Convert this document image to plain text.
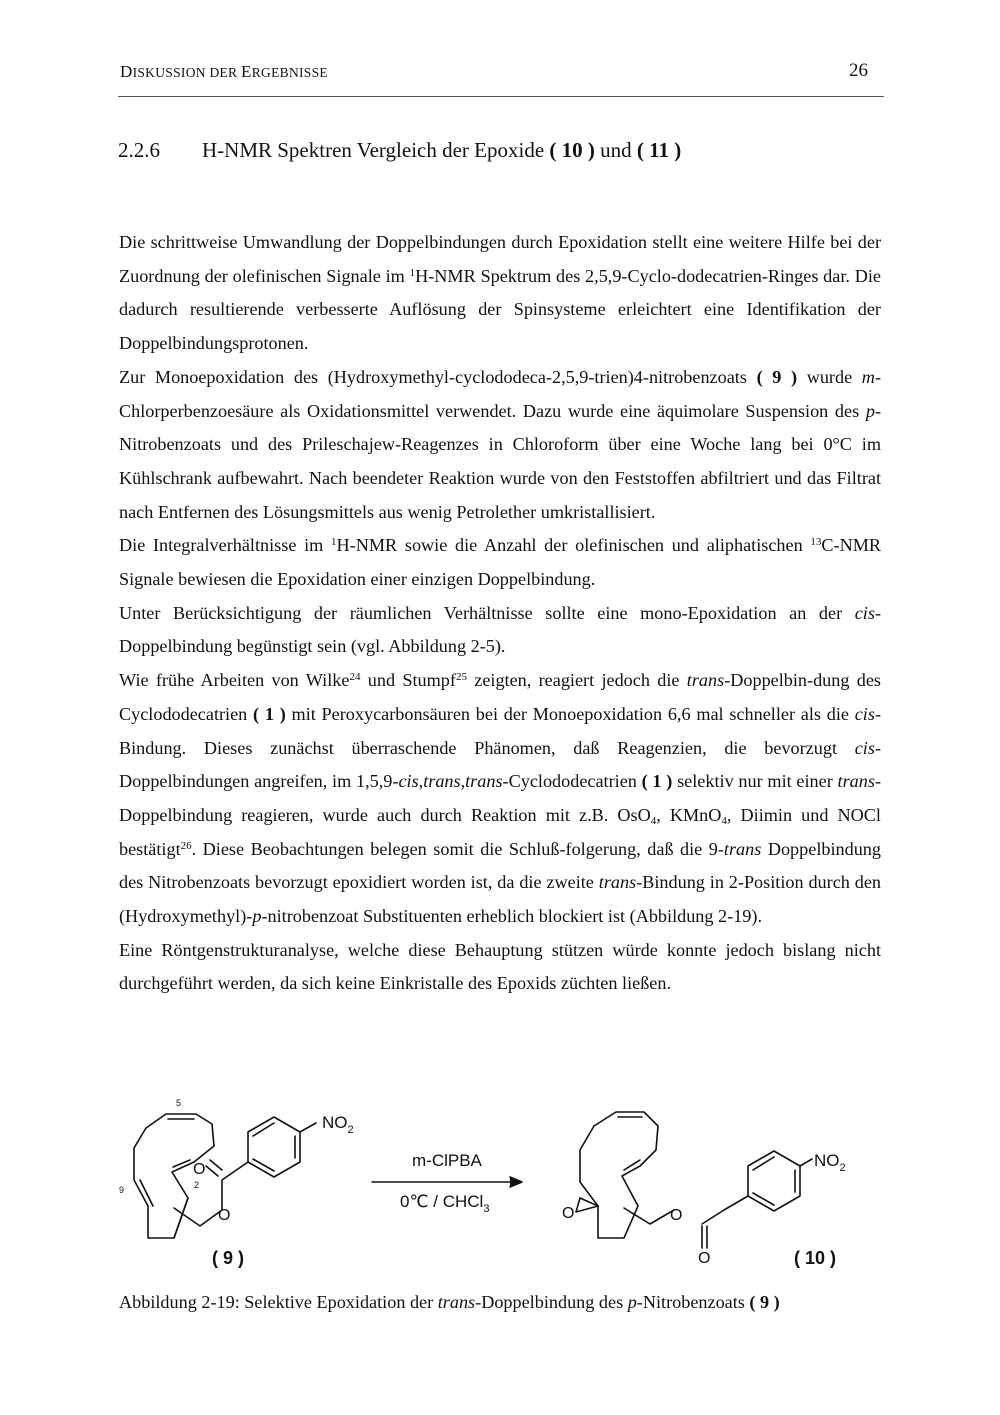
DISKUSSION DER ERGEBNISSE	26
2.2.6 H-NMR Spektren Vergleich der Epoxide ( 10 ) und ( 11 )

Die schrittweise Umwandlung der Doppelbindungen durch Epoxidation stellt eine weitere Hilfe bei der Zuordnung der olefinischen Signale im $^1$H-NMR Spektrum des 2,5,9-Cyclo-dodecatrien-Ringes dar. Die dadurch resultierende verbesserte Auflösung der Spinsysteme erleichtert eine Identifikation der Doppelbindungsprotonen.

Zur Monoepoxidation des (Hydroxymethyl-cyclododeca-2,5,9-trien)4-nitrobenzoats ( 9 ) wurde m-Chlorperbenzoesäure als Oxidationsmittel verwendet. Dazu wurde eine äquimolare Suspension des p-Nitrobenzoats und des Prileschajew-Reagenzes in Chloroform über eine Woche lang bei 0°C im Kühlschrank aufbewahrt. Nach beendeter Reaktion wurde von den Feststoffen abfiltriert und das Filtrat nach Entfernen des Lösungsmittels aus wenig Petrolether umkristallisiert.

Die Integralverhältnisse im $^1$H-NMR sowie die Anzahl der olefinischen und aliphatischen $^{13}$C-NMR Signale bewiesen die Epoxidation einer einzigen Doppelbindung.

Unter Berücksichtigung der räumlichen Verhältnisse sollte eine mono-Epoxidation an der cis-Doppelbindung begünstigt sein (vgl. Abbildung 2-5).

Wie frühe Arbeiten von Wilke$^{24}$ und Stumpf$^{25}$ zeigten, reagiert jedoch die trans-Doppelbin-dung des Cyclododecatrien ( 1 ) mit Peroxycarbonsäuren bei der Monoepoxidation 6,6 mal schneller als die cis-Bindung. Dieses zunächst überraschende Phänomen, daß Reagenzien, die bevorzugt cis-Doppelbindungen angreifen, im 1,5,9-cis,trans,trans-Cyclododecatrien ( 1 ) selektiv nur mit einer trans-Doppelbindung reagieren, wurde auch durch Reaktion mit z.B. OsO$_4$, KMnO$_4$, Diimin und NOCl bestätigt$^{26}$. Diese Beobachtungen belegen somit die Schluß-folgerung, daß die 9-trans Doppelbindung des Nitrobenzoats bevorzugt epoxidiert worden ist, da die zweite trans-Bindung in 2-Position durch den (Hydroxymethyl)-p-nitrobenzoat Substituenten erheblich blockiert ist (Abbildung 2-19).

Eine Röntgenstrukturanalyse, welche diese Behauptung stützen würde konnte jedoch bislang nicht durchgeführt werden, da sich keine Einkristalle des Epoxids züchten ließen.

$NO_2$
O
O
5
9	2
m-ClPBA
0℃ / CHCl$_3$	O	O
O
$NO_2$
( 9 )	( 10 )
Abbildung 2-19: Selektive Epoxidation der trans-Doppelbindung des p-Nitrobenzoats ( 9 )
